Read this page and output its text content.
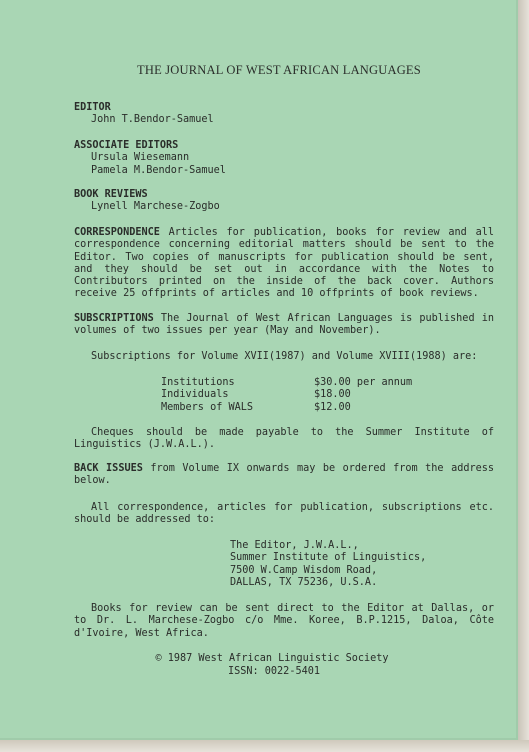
THE JOURNAL OF WEST AFRICAN LANGUAGES
EDITOR
John T.Bendor-Samuel
ASSOCIATE EDITORS
Ursula Wiesemann
Pamela M.Bendor-Samuel
BOOK REVIEWS
Lynell Marchese-Zogbo
CORRESPONDENCE Articles for publication, books for review and all correspondence concerning editorial matters should be sent to the Editor. Two copies of manuscripts for publication should be sent, and they should be set out in accordance with the Notes to Contributors printed on the inside of the back cover. Authors receive 25 offprints of articles and 10 offprints of book reviews.
SUBSCRIPTIONS The Journal of West African Languages is published in volumes of two issues per year (May and November).
Subscriptions for Volume XVII(1987) and Volume XVIII(1988) are:
Institutions	$30.00 per annum
Individuals	$18.00
Members of WALS	$12.00
Cheques should be made payable to the Summer Institute of Linguistics (J.W.A.L.).
BACK ISSUES from Volume IX onwards may be ordered from the address below.
All correspondence, articles for publication, subscriptions etc. should be addressed to:
The Editor, J.W.A.L.,
Summer Institute of Linguistics,
7500 W.Camp Wisdom Road,
DALLAS, TX 75236, U.S.A.
Books for review can be sent direct to the Editor at Dallas, or to Dr. L. Marchese-Zogbo c/o Mme. Koree, B.P.1215, Daloa, Côte d'Ivoire, West Africa.
© 1987 West African Linguistic Society
ISSN: 0022-5401
